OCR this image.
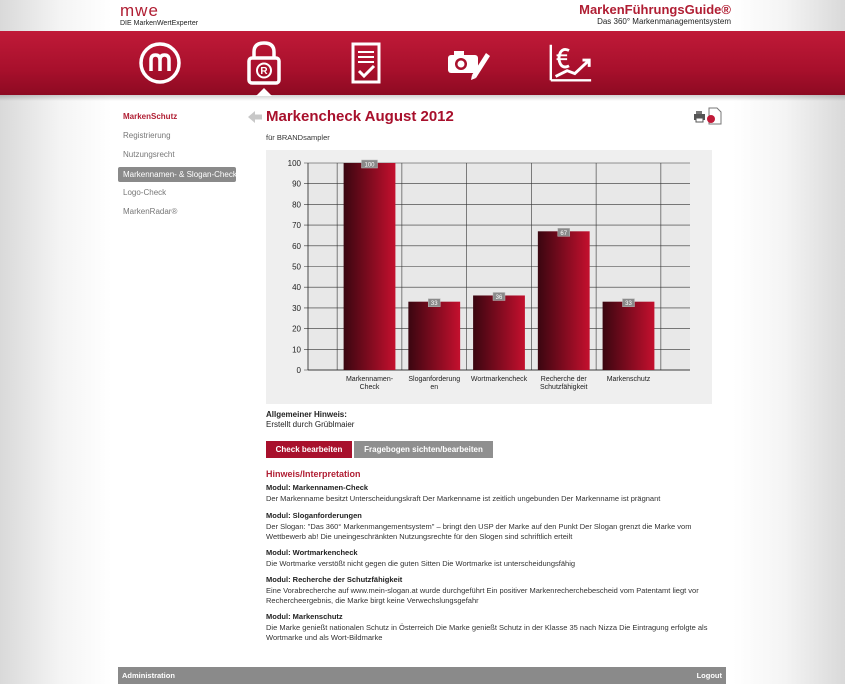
mwe
DIE MarkenWertExperter
MarkenFührungsGuide®
Das 360° Markenmanagementsystem
R
MarkenSchutz
Registrierung
Nutzungsrecht
Markennamen- & Slogan-Check
Logo-Check
MarkenRadar®
Markencheck August 2012
für BRANDsampler
0
10
20
30
40
50
60
70
80
90
100	100
Markennamen-
Check
33
Sloganforderung
en
36
Wortmarkencheck
67
Recherche der
Schutzfähigkeit
33
Markenschutz
Allgemeiner Hinweis:
Erstellt durch Grüblmaier
Check bearbeiten	Fragebogen sichten/bearbeiten
Hinweis/Interpretation
Modul: Markennamen-Check
Der Markenname besitzt Unterscheidungskraft Der Markenname ist zeitlich ungebunden Der Markenname ist prägnant
Modul: Sloganforderungen
Der Slogan: "Das 360° Markenmangementsystem" – bringt den USP der Marke auf den Punkt Der Slogan grenzt die Marke vom Wettbewerb ab! Die uneingeschränkten Nutzungsrechte für den Slogen sind schriftlich erteilt
Modul: Wortmarkencheck
Die Wortmarke verstößt nicht gegen die guten Sitten Die Wortmarke ist unterscheidungsfähig
Modul: Recherche der Schutzfähigkeit
Eine Vorabrecherche auf www.mein-slogan.at wurde durchgeführt Ein positiver Markenrecherchebescheid vom Patentamt liegt vor Rechercheergebnis, die Marke birgt keine Verwechslungsgefahr
Modul: Markenschutz
Die Marke genießt nationalen Schutz in Österreich Die Marke genießt Schutz in der Klasse 35 nach Nizza Die Eintragung erfolgte als Wortmarke und als Wort-Bildmarke
Administration	Logout
